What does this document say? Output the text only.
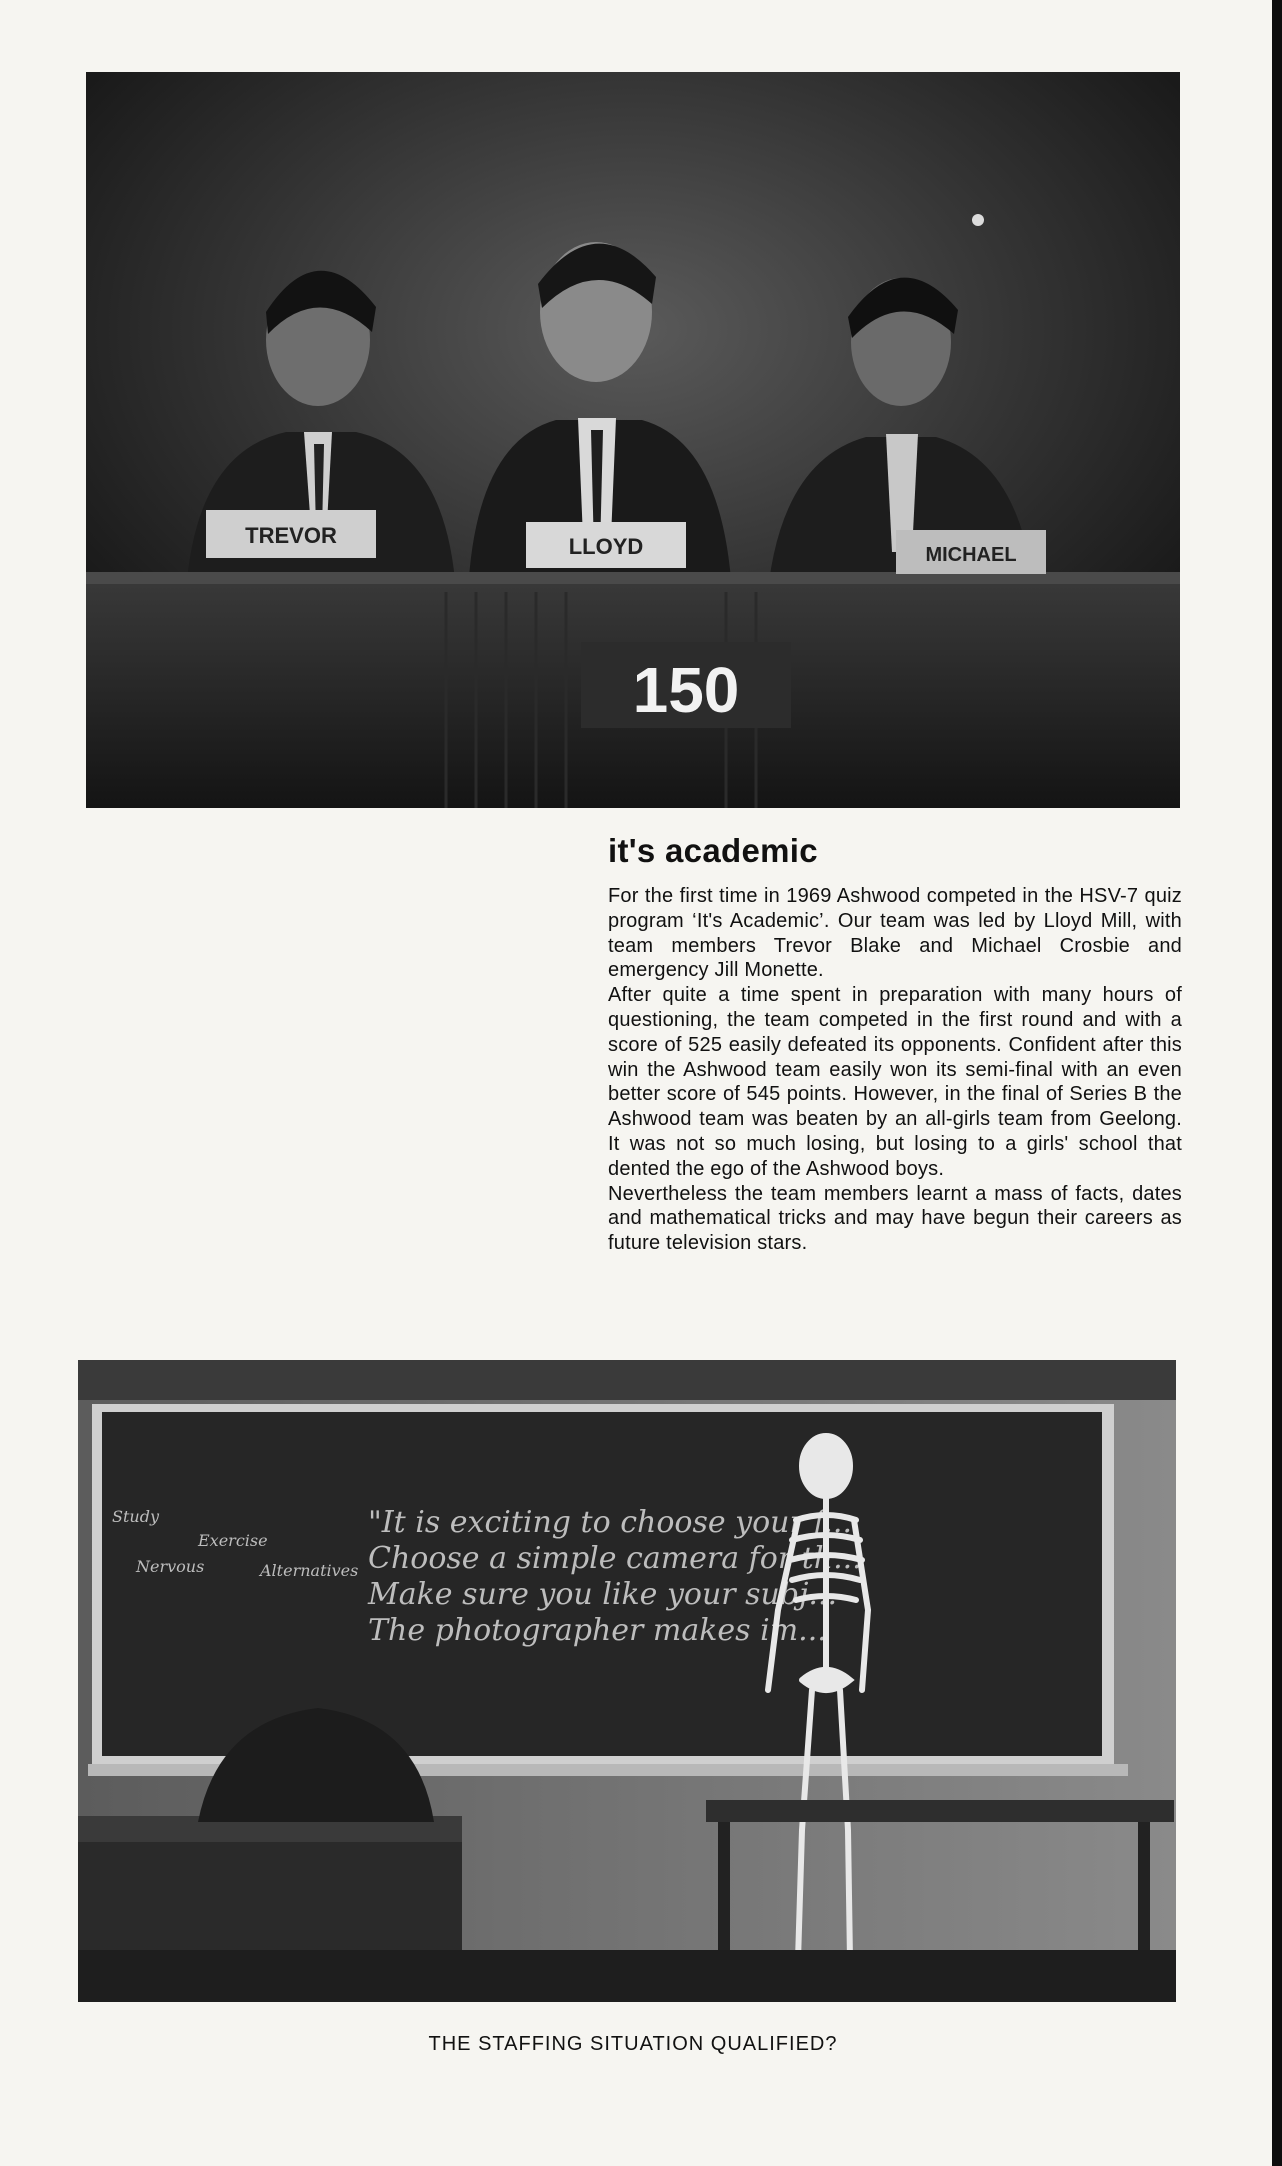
TREVOR	LLOYD	MICHAEL
150
it's academic

For the first time in 1969 Ashwood competed in the HSV-7 quiz program ‘It's Academic’. Our team was led by Lloyd Mill, with team members Trevor Blake and Michael Crosbie and emergency Jill Monette.

After quite a time spent in preparation with many hours of questioning, the team competed in the first round and with a score of 525 easily defeated its opponents. Confident after this win the Ashwood team easily won its semi-final with an even better score of 545 points. However, in the final of Series B the Ashwood team was beaten by an all-girls team from Geelong. It was not so much losing, but losing to a girls' school that dented the ego of the Ashwood boys.

Nevertheless the team members learnt a mass of facts, dates and mathematical tricks and may have begun their careers as future television stars.

"It is exciting to choose your f...
Choose a simple camera for th...
Make sure you like your subj...
The photographer makes im...
Study
Exercise
Alternatives
Nervous
THE STAFFING SITUATION QUALIFIED?
